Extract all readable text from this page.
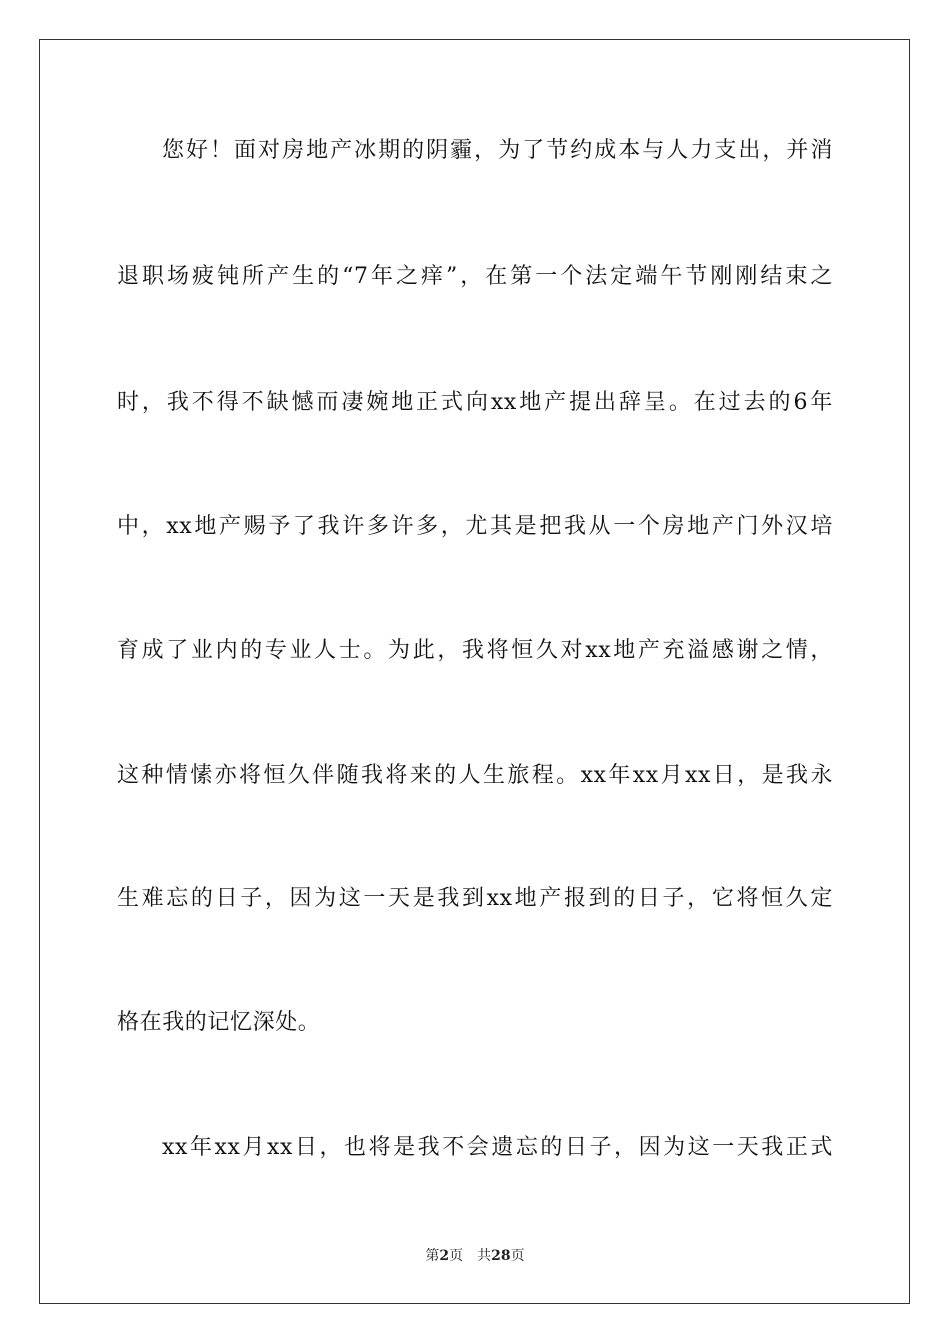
您好！面对房地产冰期的阴霾，为了节约成本与人力支出，并消
退职场疲钝所产生的“7年之痒”，在第一个法定端午节刚刚结束之
时，我不得不缺憾而凄婉地正式向xx地产提出辞呈。在过去的6年
中，xx地产赐予了我许多许多，尤其是把我从一个房地产门外汉培
育成了业内的专业人士。为此，我将恒久对xx地产充溢感谢之情，
这种情愫亦将恒久伴随我将来的人生旅程。xx年xx月xx日，是我永
生难忘的日子，因为这一天是我到xx地产报到的日子，它将恒久定
格在我的记忆深处。
xx年xx月xx日，也将是我不会遗忘的日子，因为这一天我正式
第2页 共28页
